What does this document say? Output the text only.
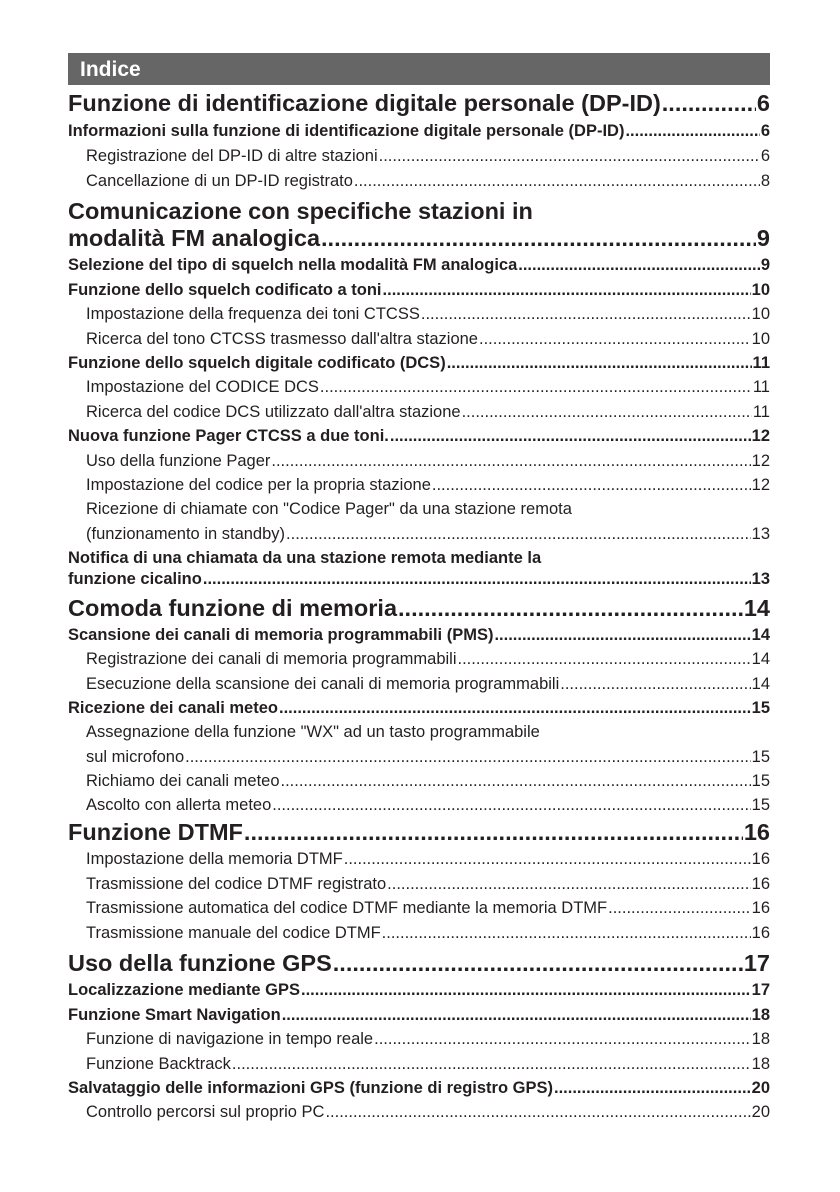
Indice
Funzione di identificazione digitale personale (DP-ID) .....	6
Informazioni sulla funzione di identificazione digitale personale (DP-ID) .....	6
Registrazione del DP-ID di altre stazioni .....	6
Cancellazione di un DP-ID registrato .....	8
Comunicazione con specifiche stazioni in
modalità FM analogica .....	9
Selezione del tipo di squelch nella modalità FM analogica .....	9
Funzione dello squelch codificato a toni .....	10
Impostazione della frequenza dei toni CTCSS .....	10
Ricerca del tono CTCSS trasmesso dall'altra stazione .....	10
Funzione dello squelch digitale codificato (DCS) .....	11
Impostazione del CODICE DCS .....	11
Ricerca del codice DCS utilizzato dall'altra stazione .....	11
Nuova funzione Pager CTCSS a due toni. .....	12
Uso della funzione Pager .....	12
Impostazione del codice per la propria stazione .....	12
Ricezione di chiamate con "Codice Pager" da una stazione remota
(funzionamento in standby) .....	13
Notifica di una chiamata da una stazione remota mediante la
funzione cicalino .....	13
Comoda funzione di memoria .....	14
Scansione dei canali di memoria programmabili (PMS) .....	14
Registrazione dei canali di memoria programmabili .....	14
Esecuzione della scansione dei canali di memoria programmabili .....	14
Ricezione dei canali meteo .....	15
Assegnazione della funzione "WX" ad un tasto programmabile
sul microfono .....	15
Richiamo dei canali meteo .....	15
Ascolto con allerta meteo .....	15
Funzione DTMF .....	16
Impostazione della memoria DTMF .....	16
Trasmissione del codice DTMF registrato .....	16
Trasmissione automatica del codice DTMF mediante la memoria DTMF .....	16
Trasmissione manuale del codice DTMF .....	16
Uso della funzione GPS .....	17
Localizzazione mediante GPS .....	17
Funzione Smart Navigation .....	18
Funzione di navigazione in tempo reale .....	18
Funzione Backtrack .....	18
Salvataggio delle informazioni GPS (funzione di registro GPS) .....	20
Controllo percorsi sul proprio PC .....	20
